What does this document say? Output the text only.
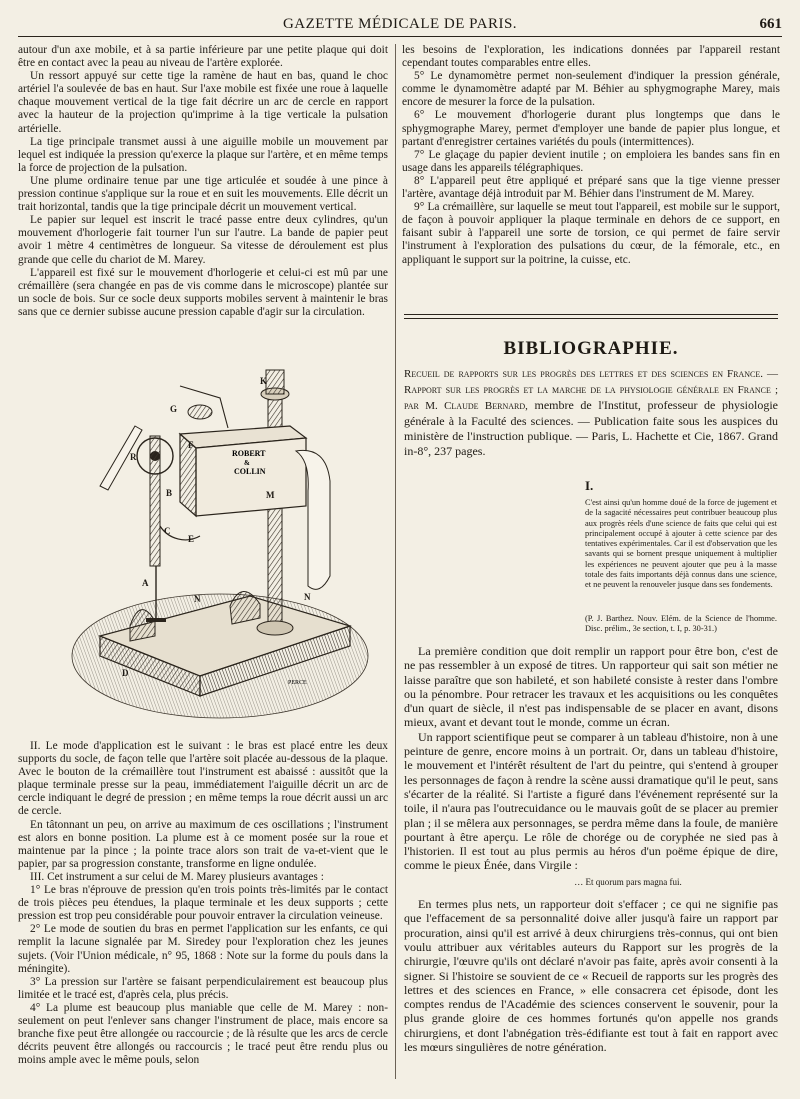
GAZETTE MÉDICALE DE PARIS.	661

autour d'un axe mobile, et à sa partie inférieure par une petite plaque qui doit être en contact avec la peau au niveau de l'artère explorée.

Un ressort appuyé sur cette tige la ramène de haut en bas, quand le choc artériel l'a soulevée de bas en haut. Sur l'axe mobile est fixée une roue à laquelle chaque mouvement vertical de la tige fait décrire un arc de cercle en rapport avec la hauteur de la projection qu'imprime à la tige verticale la pulsation artérielle.

La tige principale transmet aussi à une aiguille mobile un mouvement par lequel est indiquée la pression qu'exerce la plaque sur l'artère, et en même temps la force de projection de la pulsation.

Une plume ordinaire tenue par une tige articulée et soudée à une pince à pression continue s'applique sur la roue et en suit les mouvements. Elle décrit un trait horizontal, tandis que la tige principale décrit un mouvement vertical.

Le papier sur lequel est inscrit le tracé passe entre deux cylindres, qu'un mouvement d'horlogerie fait tourner l'un sur l'autre. La bande de papier peut avoir 1 mètre 4 centimètres de longueur. Sa vitesse de déroulement est plus grande que celle du chariot de M. Marey.

L'appareil est fixé sur le mouvement d'horlogerie et celui-ci est mû par une crémaillère (sera changée en pas de vis comme dans le microscope) plantée sur un socle de bois. Sur ce socle deux supports mobiles servent à maintenir le bras sans que ce dernier subisse aucune pression capable d'agir sur la circulation.

ROBERT
&
COLLIN
K
G
F
R
B
E
C
A
M
N	N
D
PERCE

II. Le mode d'application est le suivant : le bras est placé entre les deux supports du socle, de façon telle que l'artère soit placée au-dessous de la plaque. Avec le bouton de la crémaillère tout l'instrument est abaissé : aussitôt que la plaque terminale presse sur la peau, immédiatement l'aiguille décrit un arc de cercle indiquant le degré de pression ; en même temps la roue décrit aussi un arc de cercle.

En tâtonnant un peu, on arrive au maximum de ces oscillations ; l'instrument est alors en bonne position. La plume est à ce moment posée sur la roue et maintenue par la pince ; la pointe trace alors son trait de va-et-vient que le papier, par sa progression constante, transforme en ligne ondulée.

III. Cet instrument a sur celui de M. Marey plusieurs avantages :

1° Le bras n'éprouve de pression qu'en trois points très-limités par le contact de trois pièces peu étendues, la plaque terminale et les deux supports ; cette pression est trop peu considérable pour pouvoir entraver la circulation veineuse.

2° Le mode de soutien du bras en permet l'application sur les enfants, ce qui remplit la lacune signalée par M. Siredey pour l'exploration chez les jeunes sujets. (Voir l'Union médicale, n° 95, 1868 : Note sur la forme du pouls dans la méningite).

3° La pression sur l'artère se faisant perpendiculairement est beaucoup plus limitée et le tracé est, d'après cela, plus précis.

4° La plume est beaucoup plus maniable que celle de M. Marey : non-seulement on peut l'enlever sans changer l'instrument de place, mais encore sa branche fixe peut être allongée ou raccourcie ; de là résulte que les arcs de cercle décrits peuvent être allongés ou raccourcis ; le tracé peut être rendu plus ou moins ample avec le même pouls, selon

les besoins de l'exploration, les indications données par l'appareil restant cependant toutes comparables entre elles.

5° Le dynamomètre permet non-seulement d'indiquer la pression générale, comme le dynamomètre adapté par M. Béhier au sphygmographe Marey, mais encore de mesurer la force de la pulsation.

6° Le mouvement d'horlogerie durant plus longtemps que dans le sphygmographe Marey, permet d'employer une bande de papier plus longue, et partant d'enregistrer certaines variétés du pouls (intermittences).

7° Le glaçage du papier devient inutile ; on emploiera les bandes sans fin en usage dans les appareils télégraphiques.

8° L'appareil peut être appliqué et préparé sans que la tige vienne presser l'artère, avantage déjà introduit par M. Béhier dans l'instrument de M. Marey.

9° La crémaillère, sur laquelle se meut tout l'appareil, est mobile sur le support, de façon à pouvoir appliquer la plaque terminale en dehors de ce support, en faisant subir à l'appareil une sorte de torsion, ce qui permet de faire servir l'instrument à l'exploration des pulsations du cœur, de la fémorale, etc., en appliquant le support sur la poitrine, la cuisse, etc.

BIBLIOGRAPHIE.
Recueil de rapports sur les progrès des lettres et des sciences en France. — Rapport sur les progrès et la marche de la physiologie générale en France ; par M. Claude Bernard, membre de l'Institut, professeur de physiologie générale à la Faculté des sciences. — Publication faite sous les auspices du ministère de l'instruction publique. — Paris, L. Hachette et Cie, 1867. Grand in-8°, 237 pages.
I.
C'est ainsi qu'un homme doué de la force de jugement et de la sagacité nécessaires peut contribuer beaucoup plus aux progrès réels d'une science de faits que celui qui est principalement occupé à ajouter à cette science par des tentatives expérimentales. Car il est d'observation que les savants qui se bornent presque uniquement à multiplier les expériences ne peuvent ajouter que peu à la masse totale des faits importants déjà connus dans une science, et ne peuvent la renouveler jusque dans ses fondements.
(P. J. Barthez. Nouv. Elém. de la Science de l'homme. Disc. prélim., 3e section, t. I, p. 30-31.)

La première condition que doit remplir un rapport pour être bon, c'est de ne pas ressembler à un exposé de titres. Un rapporteur qui sait son métier ne laisse paraître que son habileté, et son habileté consiste à rester dans l'ombre ou la pénombre. Pour retracer les travaux et les acquisitions ou les conquêtes d'un quart de siècle, il n'est pas indispensable de se placer en avant, disons mieux, avant et devant tout le monde, comme un écran.

Un rapport scientifique peut se comparer à un tableau d'histoire, non à une peinture de genre, encore moins à un portrait. Or, dans un tableau d'histoire, le mouvement et l'intérêt résultent de l'art du peintre, qui s'entend à grouper les personnages de façon à rendre la scène aussi dramatique qu'il le peut, sans s'écarter de la réalité. Si l'artiste a figuré dans l'événement représenté sur la toile, il n'aura pas l'outrecuidance ou le mauvais goût de se placer au premier plan ; il se mêlera aux personnages, se perdra même dans la foule, de manière pourtant à être aperçu. Le rôle de chorége ou de coryphée ne sied pas à l'historien. Il est tout au plus permis au héros d'un poëme épique de dire, comme le pieux Énée, dans Virgile :

… Et quorum pars magna fui.

En termes plus nets, un rapporteur doit s'effacer ; ce qui ne signifie pas que l'effacement de sa personnalité doive aller jusqu'à faire un rapport par procuration, ainsi qu'il est arrivé à deux chirurgiens très-connus, qui ont bien voulu attribuer aux véritables auteurs du Rapport sur les progrès de la chirurgie, l'œuvre qu'ils ont déclaré n'avoir pas faite, après avoir consenti à la signer. Si l'histoire se souvient de ce « Recueil de rapports sur les progrès des lettres et des sciences en France, » elle consacrera cet épisode, dont les comptes rendus de l'Académie des sciences conservent le souvenir, pour la plus grande gloire de ces hommes fortunés qu'on appelle nos grands chirurgiens, et dont l'abnégation très-édifiante est tout à fait en rapport avec les mœurs singulières de notre génération.
